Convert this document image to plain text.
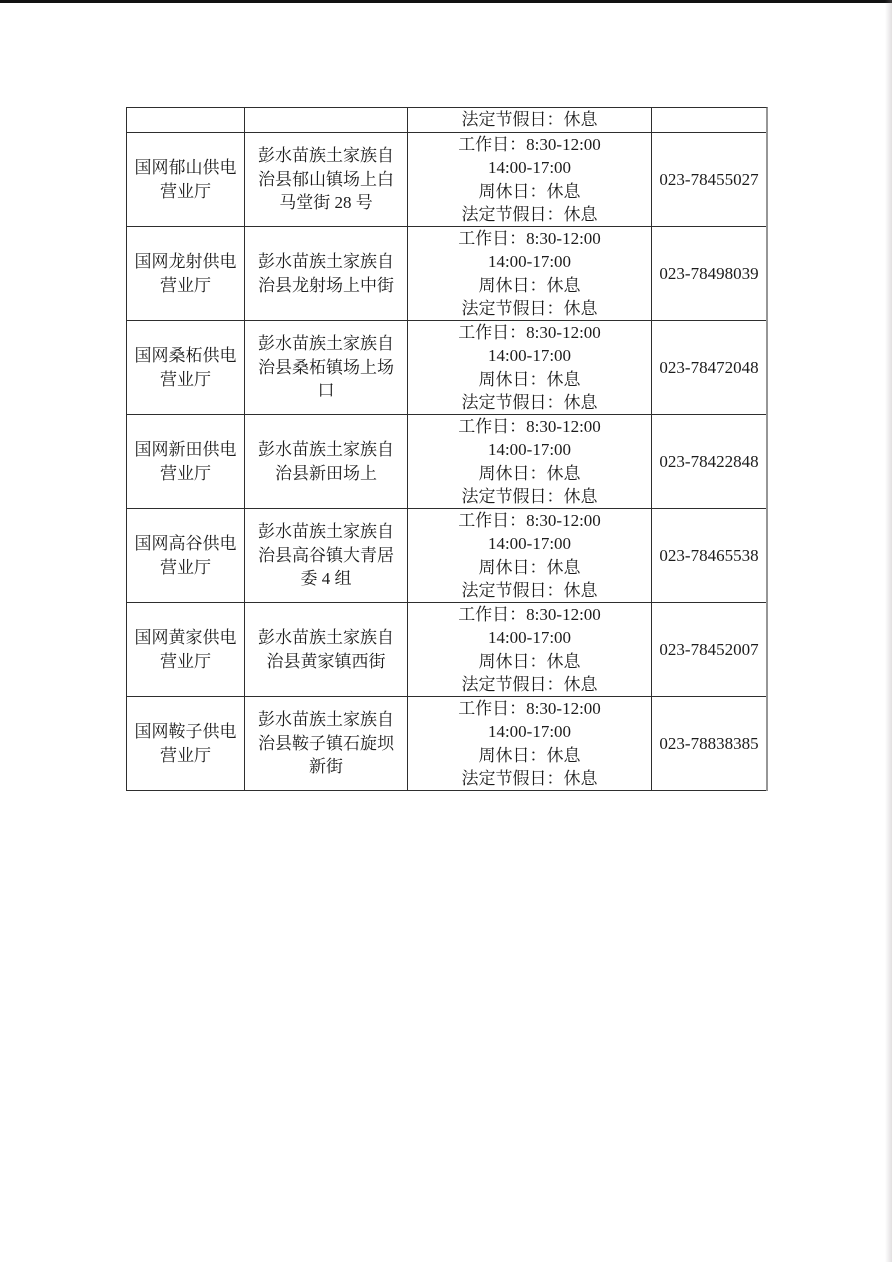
法定节假日：休息
国网郁山供电
营业厅
彭水苗族土家族自
治县郁山镇场上白
马堂街 28 号
工作日：8:30-12:00
14:00-17:00
周休日：休息
法定节假日：休息
023-78455027
国网龙射供电
营业厅
彭水苗族土家族自
治县龙射场上中街
工作日：8:30-12:00
14:00-17:00
周休日：休息
法定节假日：休息
023-78498039
国网桑柘供电
营业厅
彭水苗族土家族自
治县桑柘镇场上场
口
工作日：8:30-12:00
14:00-17:00
周休日：休息
法定节假日：休息
023-78472048
国网新田供电
营业厅
彭水苗族土家族自
治县新田场上
工作日：8:30-12:00
14:00-17:00
周休日：休息
法定节假日：休息
023-78422848
国网高谷供电
营业厅
彭水苗族土家族自
治县高谷镇大青居
委 4 组
工作日：8:30-12:00
14:00-17:00
周休日：休息
法定节假日：休息
023-78465538
国网黄家供电
营业厅
彭水苗族土家族自
治县黄家镇西街
工作日：8:30-12:00
14:00-17:00
周休日：休息
法定节假日：休息
023-78452007
国网鞍子供电
营业厅
彭水苗族土家族自
治县鞍子镇石旋坝
新街
工作日：8:30-12:00
14:00-17:00
周休日：休息
法定节假日：休息
023-78838385
